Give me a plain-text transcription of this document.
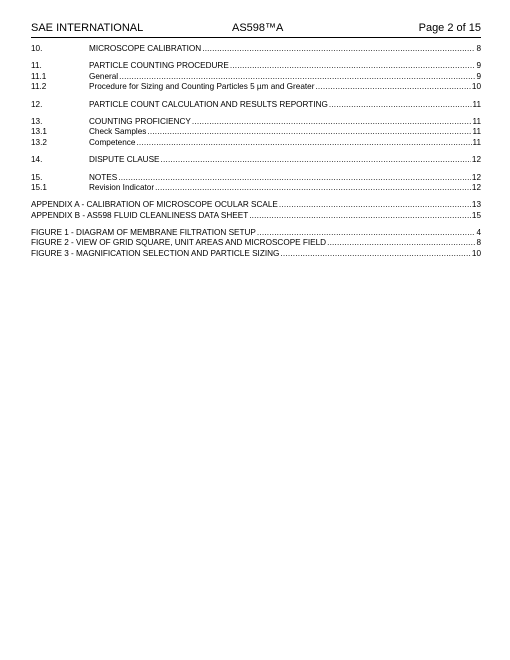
SAE INTERNATIONAL	AS598™A	Page 2 of 15
10.	MICROSCOPE CALIBRATION .....	8
11.	PARTICLE COUNTING PROCEDURE .....	9
11.1	General .....	9
11.2	Procedure for Sizing and Counting Particles 5 µm and Greater .....	10
12.	PARTICLE COUNT CALCULATION AND RESULTS REPORTING .....	11
13.	COUNTING PROFICIENCY .....	11
13.1	Check Samples .....	11
13.2	Competence .....	11
14.	DISPUTE CLAUSE .....	12
15.	NOTES .....	12
15.1	Revision Indicator .....	12
APPENDIX A - CALIBRATION OF MICROSCOPE OCULAR SCALE .....	13
APPENDIX B - AS598 FLUID CLEANLINESS DATA SHEET .....	15
FIGURE 1 - DIAGRAM OF MEMBRANE FILTRATION SETUP .....	4
FIGURE 2 - VIEW OF GRID SQUARE, UNIT AREAS AND MICROSCOPE FIELD .....	8
FIGURE 3 - MAGNIFICATION SELECTION AND PARTICLE SIZING .....	10
